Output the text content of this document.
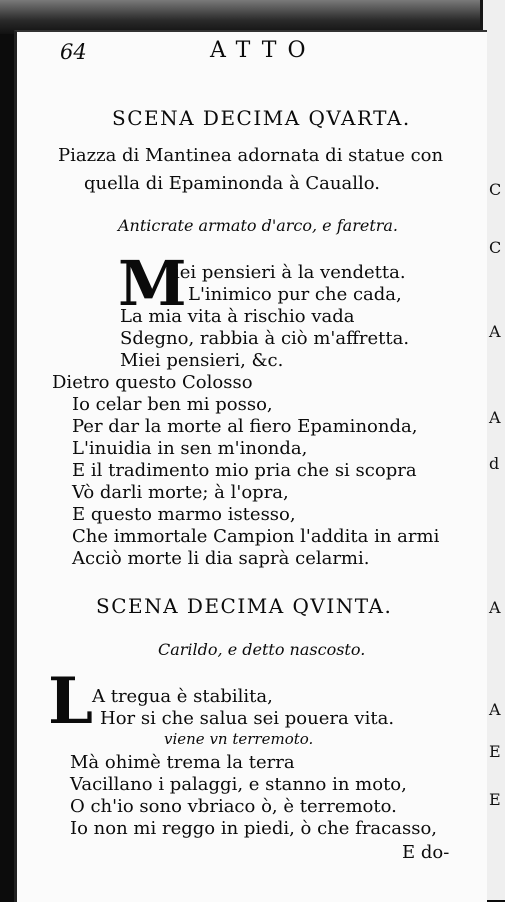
C
C
A
A
d
A
A
E
E
64	ATTO
SCENA DECIMA QVARTA.
Piazza di Mantinea adornata di statue con
quella di Epaminonda à Cauallo.
Anticrate armato d'arco, e faretra.
M
iei pensieri à la vendetta.
L'inimico pur che cada,
La mia vita à rischio vada
Sdegno, rabbia à ciò m'affretta.
Miei pensieri, &c.
Dietro questo Colosso
Io celar ben mi posso,
Per dar la morte al fiero Epaminonda,
L'inuidia in sen m'inonda,
E il tradimento mio pria che si scopra
Vò darli morte; à l'opra,
E questo marmo istesso,
Che immortale Campion l'addita in armi
Acciò morte li dia saprà celarmi.
SCENA DECIMA QVINTA.
Carildo, e detto nascosto.
L A tregua è stabilita,
Hor si che salua sei pouera vita.
viene vn terremoto.
Mà ohimè trema la terra
Vacillano i palaggi, e stanno in moto,
O ch'io sono vbriaco ò, è terremoto.
Io non mi reggo in piedi, ò che fracasso,
E do-
